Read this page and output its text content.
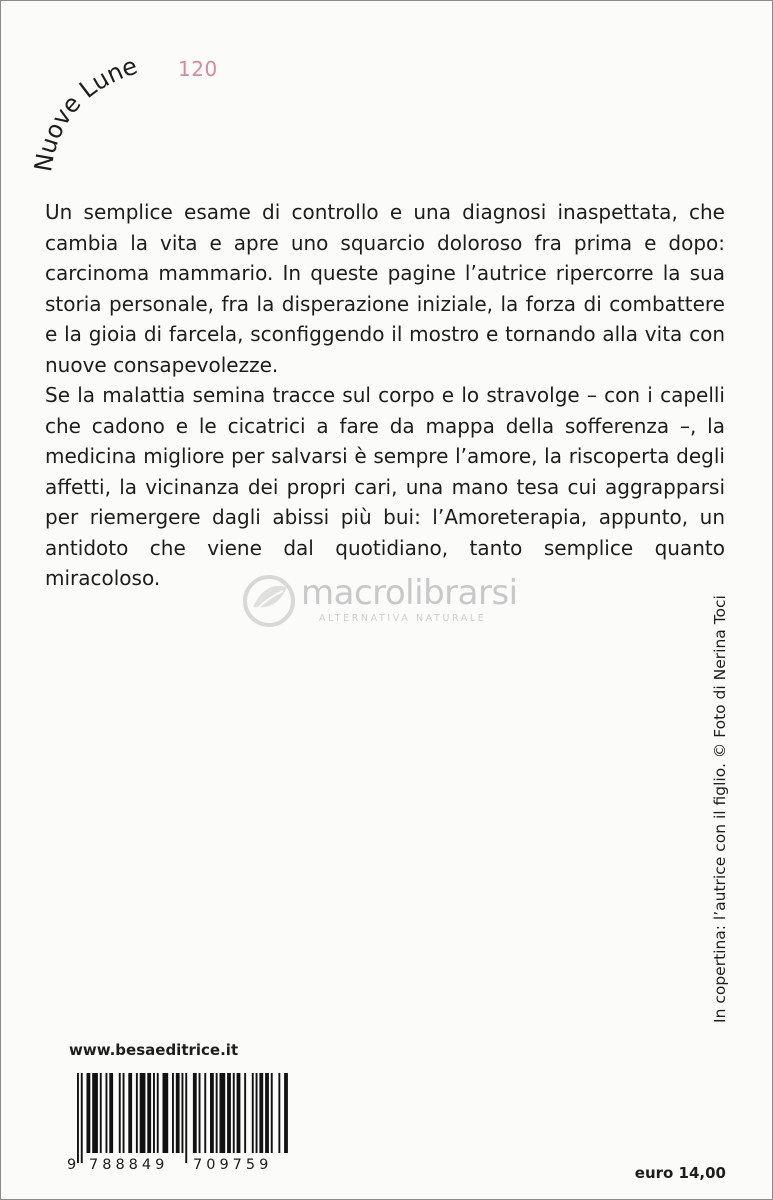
Nuove Lune 120

Un semplice esame di controllo e una diagnosi inaspettata, che cambia la vita e apre uno squarcio doloroso fra prima e dopo: carcinoma mammario. In queste pagine l’autrice ripercorre la sua storia personale, fra la disperazione iniziale, la forza di combattere e la gioia di farcela, sconfiggendo il mostro e tornando alla vita con nuove consapevolezze.

Se la malattia semina tracce sul corpo e lo stravolge – con i capelli che cadono e le cicatrici a fare da mappa della sofferenza –, la medicina migliore per salvarsi è sempre l’amore, la riscoperta degli affetti, la vicinanza dei propri cari, una mano tesa cui aggrapparsi per riemergere dagli abissi più bui: l’Amoreterapia, appunto, un antidoto che viene dal quotidiano, tanto semplice quanto miracoloso.	macrolibrarsi
ALTERNATIVA NATURALE	In copertina: l’autrice con il figlio. © Foto di Nerina Toci
www.besaeditrice.it
9 788849 709759	euro 14,00
